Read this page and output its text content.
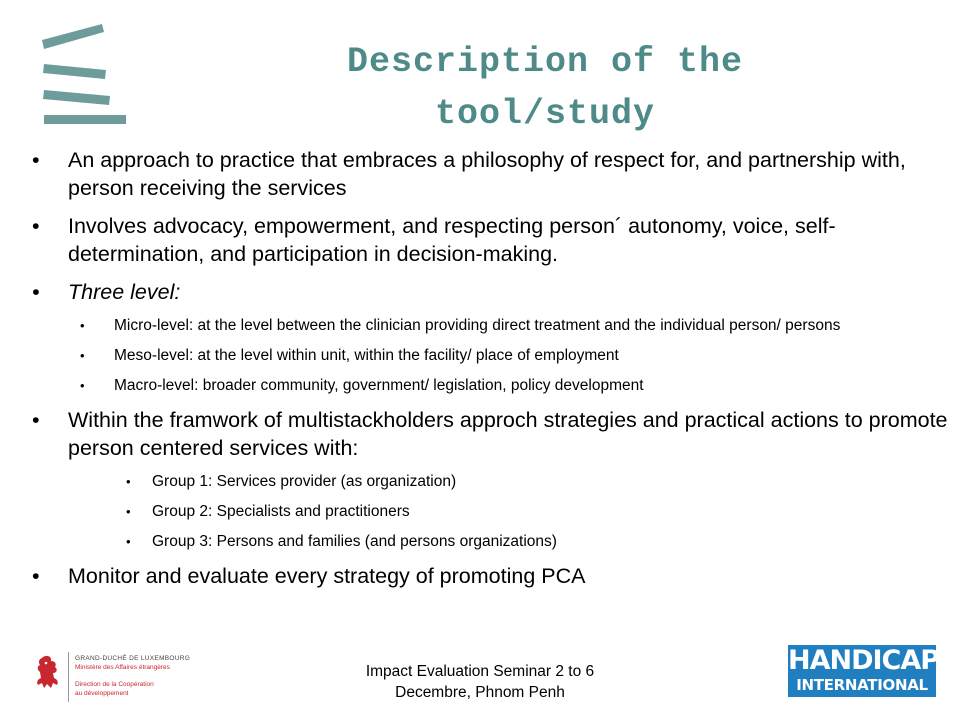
Description of the
tool/study
• An approach to practice that embraces a philosophy of respect for, and partnership with, person receiving the services
• Involves advocacy, empowerment, and respecting person´ autonomy, voice, self-determination, and participation in decision-making.
• Three level:
• Micro-level: at the level between the clinician providing direct treatment and the individual person/ persons
• Meso-level: at the level within unit, within the facility/ place of employment
• Macro-level: broader community, government/ legislation, policy development
• Within the framwork of multistackholders approch strategies and practical actions to promote person centered services with:
• Group 1: Services provider (as organization)
• Group 2: Specialists and practitioners
• Group 3: Persons and families (and persons organizations)
• Monitor and evaluate every strategy of promoting PCA
GRAND-DUCHÉ DE LUXEMBOURG
Ministère des Affaires étrangères
Direction de la Coopération
au développement
Impact Evaluation Seminar 2 to 6
Decembre, Phnom Penh
HANDICAP
INTERNATIONAL
